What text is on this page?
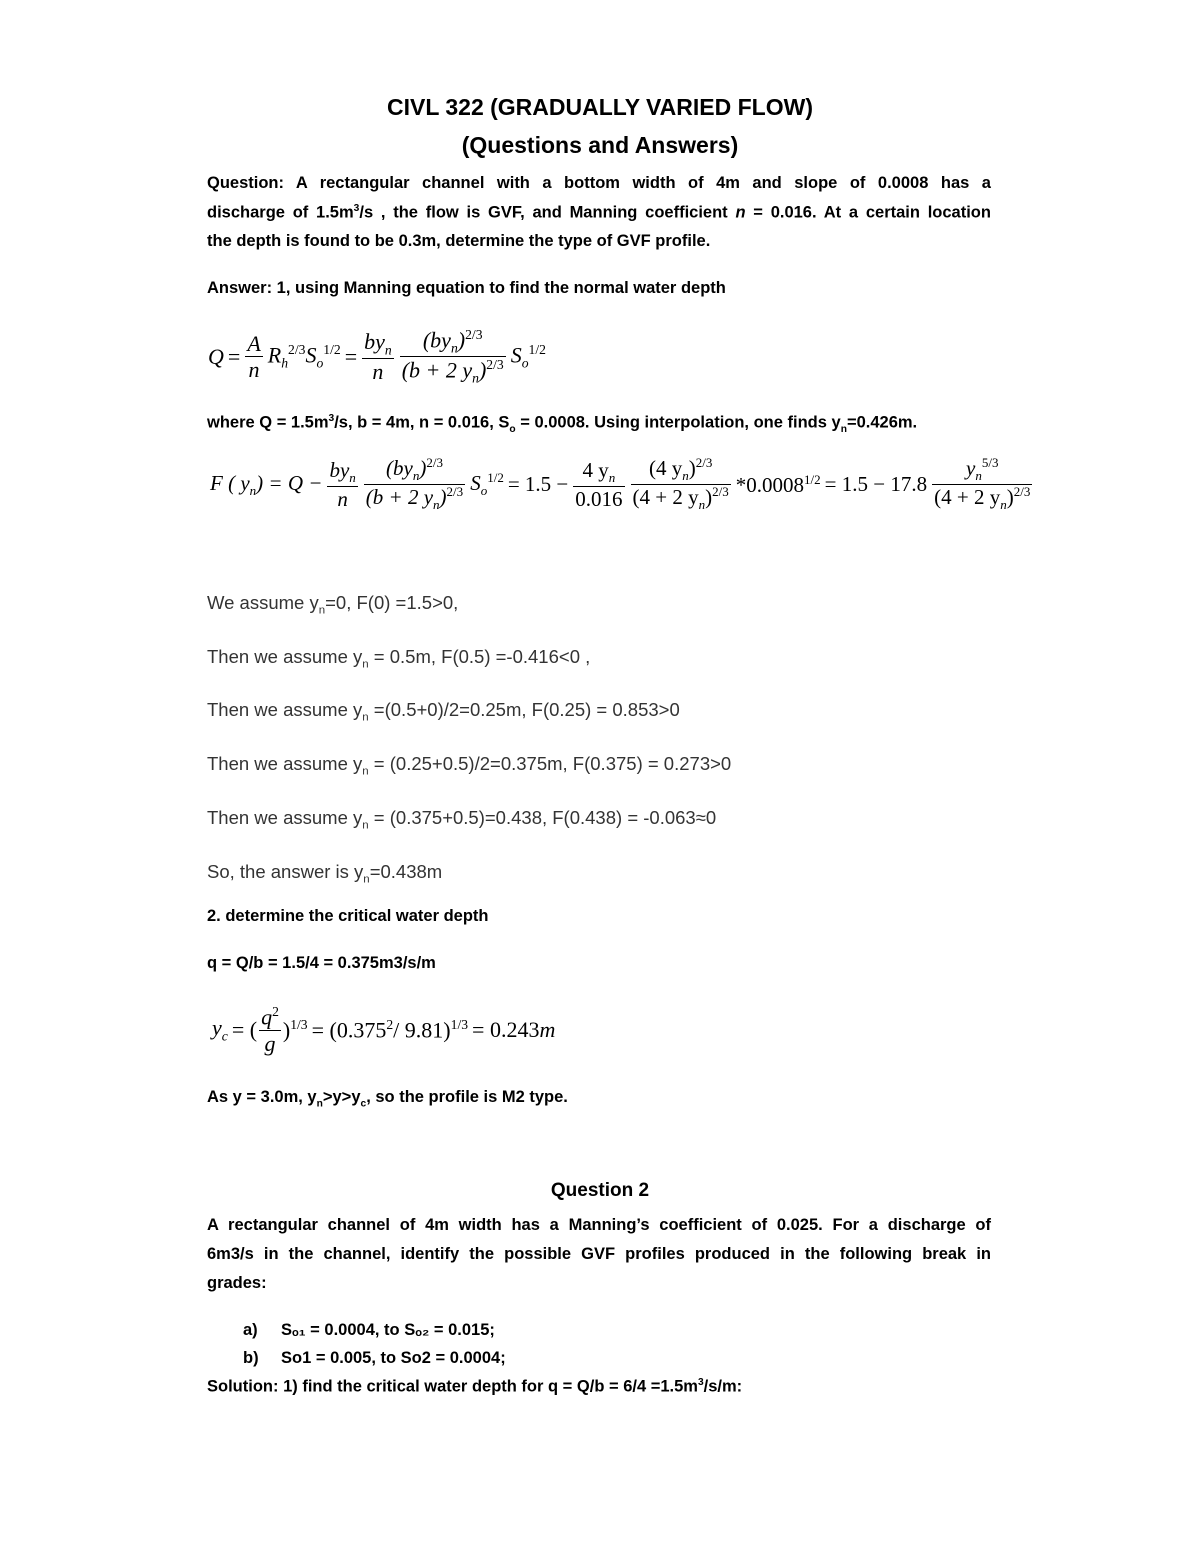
CIVL 322 (GRADUALLY VARIED FLOW)
(Questions and Answers)
Question: A rectangular channel with a bottom width of 4m and slope of 0.0008 has a
discharge of $1.5m^3/s$ , the flow is GVF, and Manning coefficient n = 0.016. At a certain location
the depth is found to be 0.3m, determine the type of GVF profile.
Answer: 1, using Manning equation to find the normal water depth
$Q = \frac{A}{n} R_h^{2/3}S_o^{1/2} = \frac{by_n}{n} \frac{(by_n)^{2/3}}{(b + 2 y_n)^{2/3}} S_o^{1/2}$
where $Q = 1.5m^3/s$, b = 4m, n = 0.016, $S_o = 0.0008$. Using interpolation, one finds $y_n=0.426m$.
F ( $y_n) = Q - \frac{by_n}{n} \frac{(by_n)^{2/3}}{(b + 2 y_n)^{2/3}} S_o^{1/2} = 1.5 - \frac{4 y_n}{0.016} \frac{(4 y_n)^{2/3}}{(4 + 2 y_n)^{2/3}} *0.0008^{1/2} = 1.5 - 17.8 \frac{y_n^{5/3}}{(4 + 2 y_n)^{2/3}}$
We assume $y_n=0$, F(0) =1.5>0,
Then we assume $y_n = 0.5m$, F(0.5) =-0.416<0 ,
Then we assume $y_n =(0.5+0)/2=0.25m$, F(0.25) = 0.853>0
Then we assume $y_n = (0.25+0.5)/2=0.375m$, F(0.375) = 0.273>0
Then we assume $y_n = (0.375+0.5)=0.438$, F(0.438) = -0.063≈0
So, the answer is $y_n=0.438m$
2. determine the critical water depth
q = Q/b = 1.5/4 = 0.375m3/s/m
$y_c$ = ( $\frac{q^2}{g} )^{1/3} = (0.375^2/$ 9.81)$^{1/3}$ = 0.243m
As y = 3.0m, $y_n>y>y_c$, so the profile is M2 type.
Question 2
A rectangular channel of 4m width has a Manning’s coefficient of 0.025. For a discharge of
6m3/s in the channel, identify the possible GVF profiles produced in the following break in
grades:
a) Sₒ₁ = 0.0004, to Sₒ₂ = 0.015;
b) So1 = 0.005, to So2 = 0.0004;
Solution: 1) find the critical water depth for $q = Q/b = 6/4 =1.5m^3/s/m$:
